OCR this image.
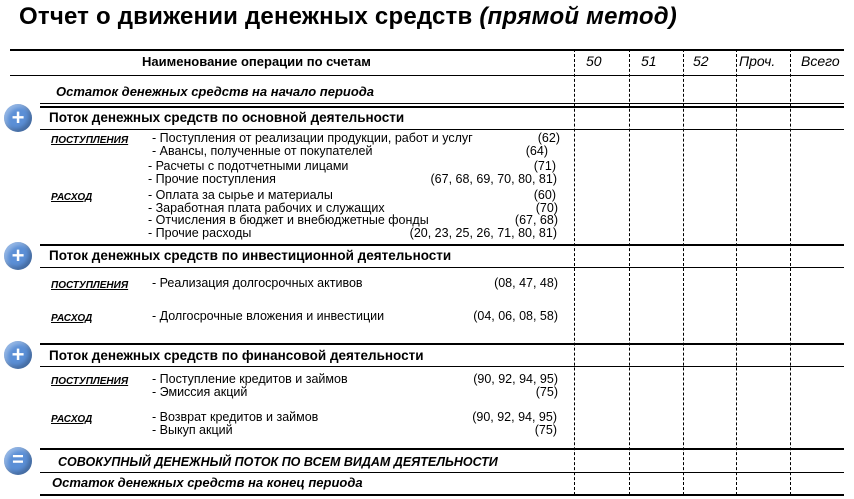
Отчет о движении денежных средств (прямой метод)
Наименование операции по счетам	50	51	52 Проч. Всего
Остаток денежных средств на начало периода
+	Поток денежных средств по основной деятельности
ПОСТУПЛЕНИЯ - Поступления от реализации продукции, работ и услуг	(62)
- Авансы, полученные от покупателей	(64)
- Расчеты с подотчетными лицами	(71)
- Прочие поступления	(67, 68, 69, 70, 80, 81)
РАСХОД	- Оплата за сырье и материалы	(60)
- Заработная плата рабочих и служащих	(70)
- Отчисления в бюджет и внебюджетные фонды	(67, 68)
- Прочие расходы	(20, 23, 25, 26, 71, 80, 81)
+	Поток денежных средств по инвестиционной деятельности
ПОСТУПЛЕНИЯ - Реализация долгосрочных активов	(08, 47, 48)
РАСХОД	- Долгосрочные вложения и инвестиции	(04, 06, 08, 58)
+	Поток денежных средств по финансовой деятельности
ПОСТУПЛЕНИЯ - Поступление кредитов и займов	(90, 92, 94, 95)
- Эмиссия акций	(75)
РАСХОД	- Возврат кредитов и займов	(90, 92, 94, 95)
- Выкуп акций	(75)
=	СОВОКУПНЫЙ ДЕНЕЖНЫЙ ПОТОК ПО ВСЕМ ВИДАМ ДЕЯТЕЛЬНОСТИ
Остаток денежных средств на конец периода
